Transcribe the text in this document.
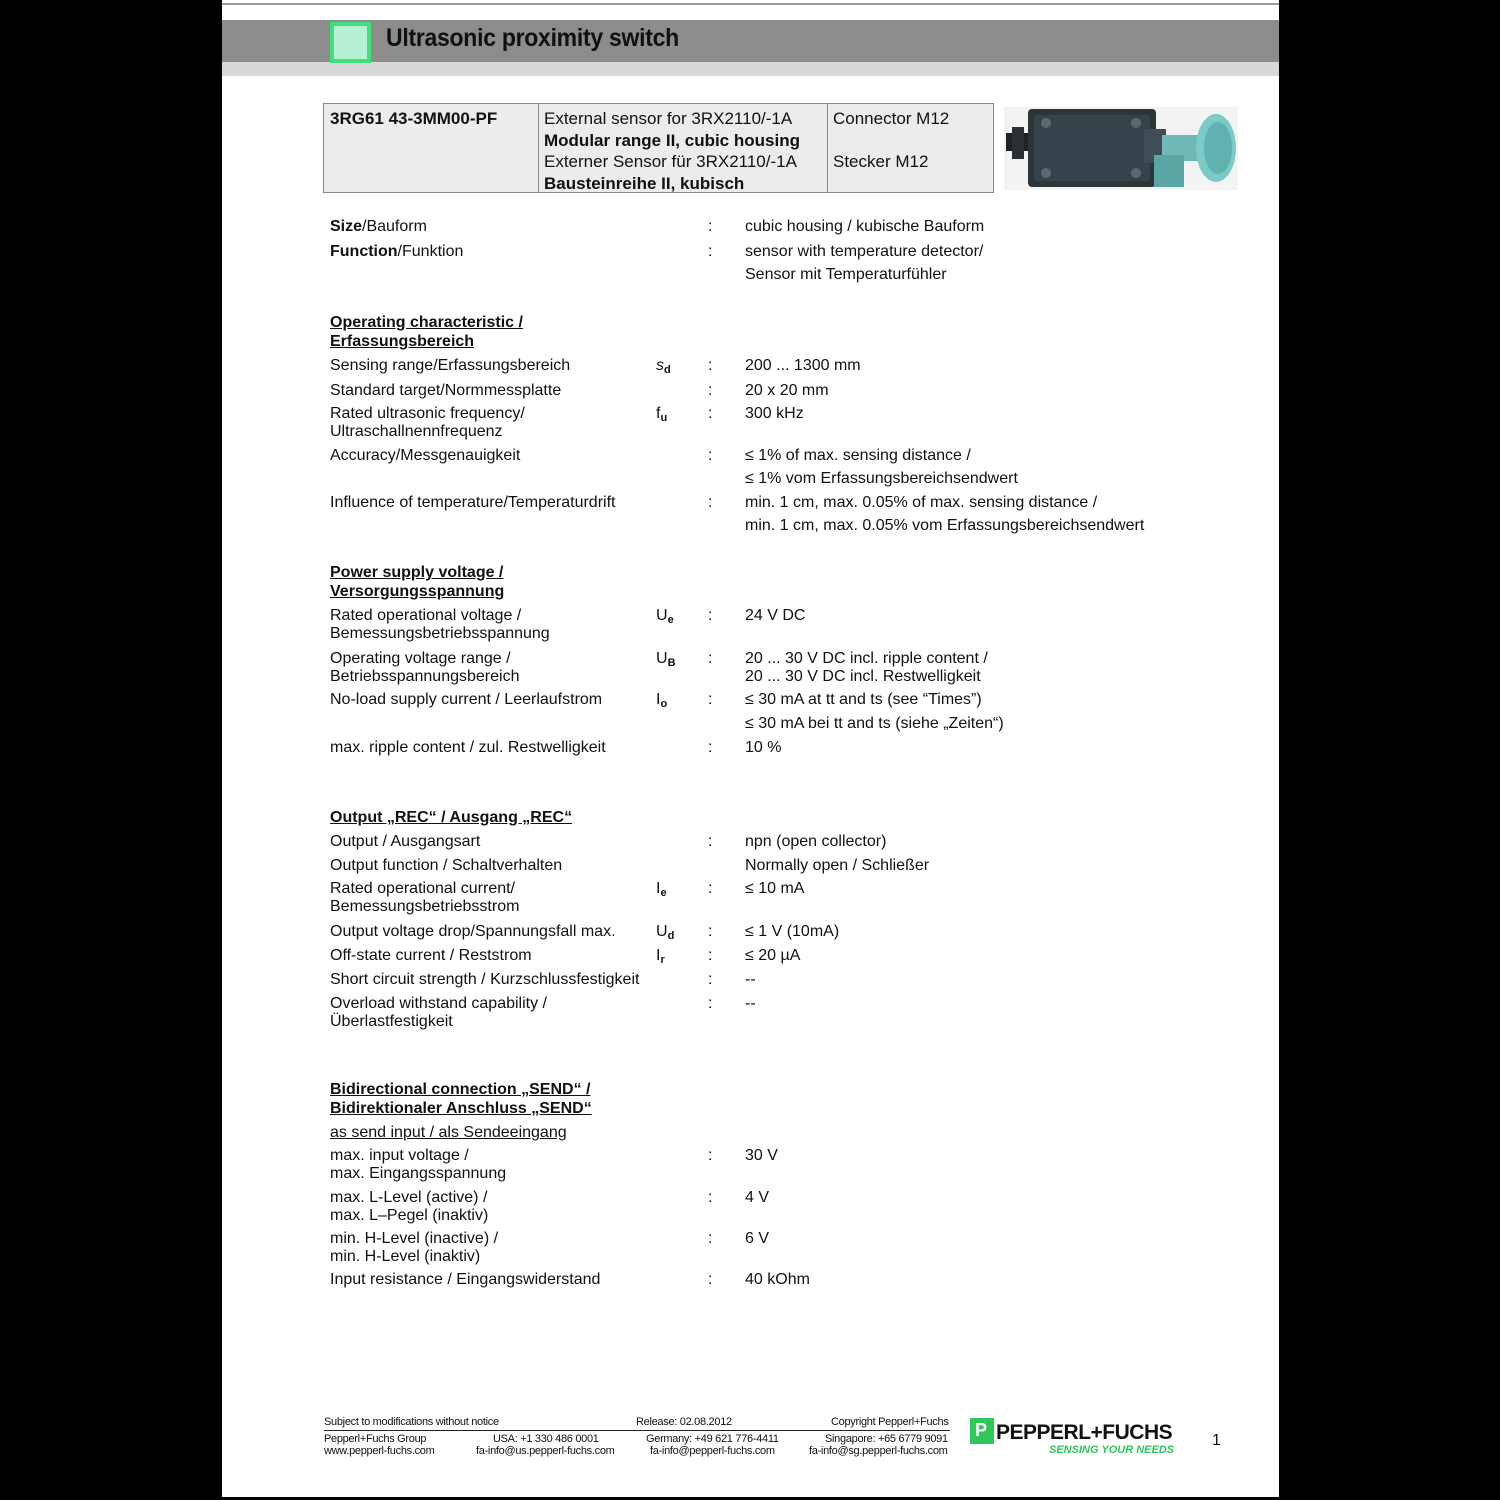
Ultrasonic proximity switch
3RG61 43-3MM00-PF	External sensor for 3RX2110/-1A
Modular range II, cubic housing
Externer Sensor für 3RX2110/-1A
Bausteinreihe II, kubisch
Connector M12
Stecker M12
Size/Bauform	: cubic housing / kubische Bauform
Function/Funktion	: sensor with temperature detector/
Sensor mit Temperaturfühler
Operating characteristic /
Erfassungsbereich
Sensing range/Erfassungsbereich	$s_d$ : 200 ... 1300 mm
Standard target/Normmessplatte	: 20 x 20 mm
Rated ultrasonic frequency/
Ultraschallnennfrequenz
$f_u$	: 300 kHz
Accuracy/Messgenauigkeit	: ≤ 1% of max. sensing distance /
≤ 1% vom Erfassungsbereichsendwert
Influence of temperature/Temperaturdrift	: min. 1 cm, max. 0.05% of max. sensing distance /
min. 1 cm, max. 0.05% vom Erfassungsbereichsendwert
Power supply voltage /
Versorgungsspannung
Rated operational voltage /
Bemessungsbetriebsspannung
$U_e$ : 24 V DC
Operating voltage range /
Betriebsspannungsbereich
$U_B$ : 20 ... 30 V DC incl. ripple content /
20 ... 30 V DC incl. Restwelligkeit
No-load supply current / Leerlaufstrom	$I_o$	: ≤ 30 mA at tt and ts (see “Times”)
≤ 30 mA bei tt and ts (siehe „Zeiten“)
max. ripple content / zul. Restwelligkeit	: 10 %
Output „REC“ / Ausgang „REC“
Output / Ausgangsart	: npn (open collector)
Output function / Schaltverhalten	Normally open / Schließer
Rated operational current/
Bemessungsbetriebsstrom
$I_e$	: ≤ 10 mA
Output voltage drop/Spannungsfall max.	$U_d$ : ≤ 1 V (10mA)
Off-state current / Reststrom	$I_r$	: ≤ 20 µA
Short circuit strength / Kurzschlussfestigkeit	: --
Overload withstand capability /
Überlastfestigkeit
: --
Bidirectional connection „SEND“ /
Bidirektionaler Anschluss „SEND“
as send input / als Sendeeingang
max. input voltage /
max. Eingangsspannung
: 30 V
max. L-Level (active) /
max. L–Pegel (inaktiv)
: 4 V
min. H-Level (inactive) /
min. H-Level (inaktiv)
: 6 V
Input resistance / Eingangswiderstand	: 40 kOhm
Subject to modifications without notice	Release: 02.08.2012	Copyright Pepperl+Fuchs
Pepperl+Fuchs Group
www.pepperl-fuchs.com
USA: +1 330 486 0001
fa-info@us.pepperl-fuchs.com
Germany: +49 621 776-4411
fa-info@pepperl-fuchs.com
Singapore: +65 6779 9091
fa-info@sg.pepperl-fuchs.com
P PEPPERL+FUCHS
SENSING YOUR NEEDS
1
